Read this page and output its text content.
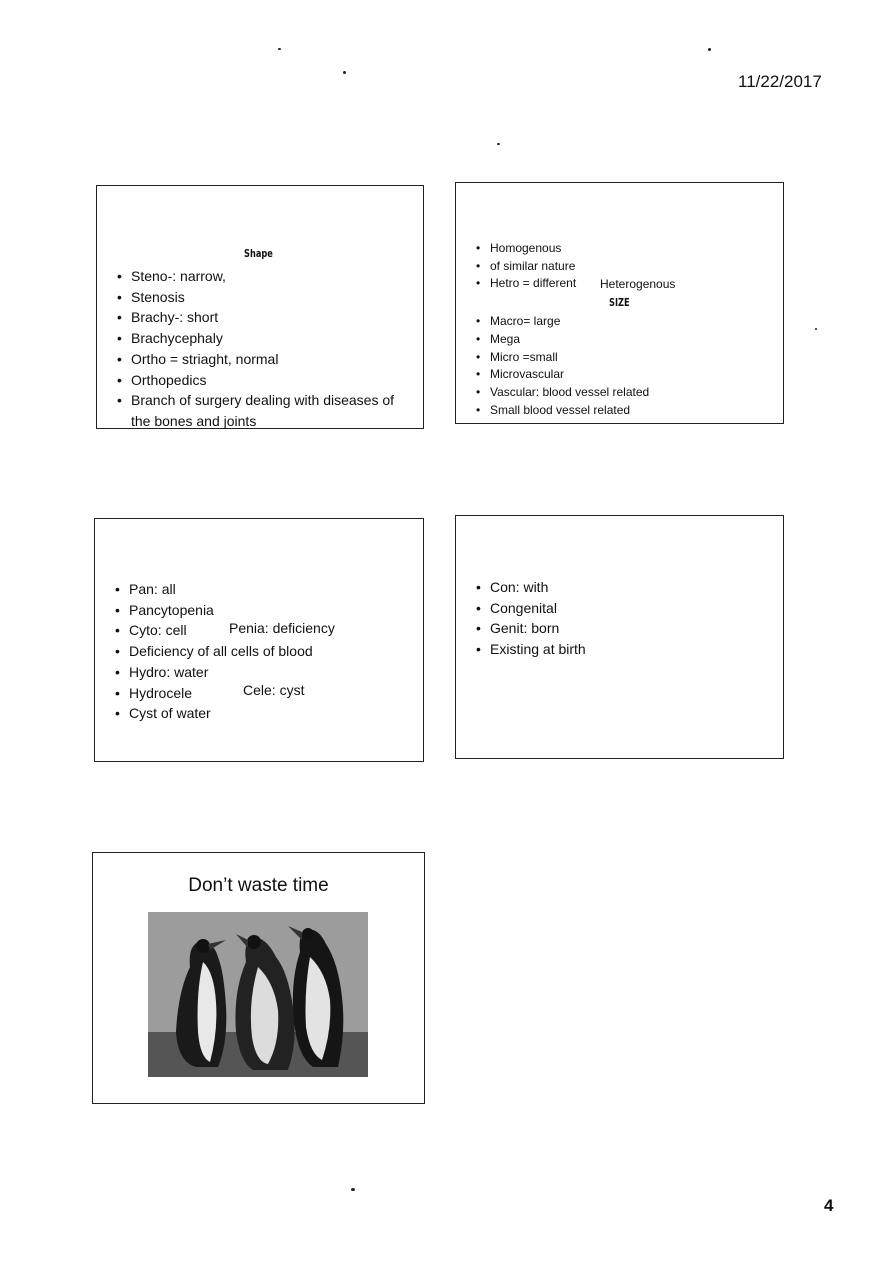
11/22/2017
Shape
• Steno-: narrow,
• Stenosis
• Brachy-: short
• Brachycephaly
• Ortho = striaght, normal
• Orthopedics
• Branch of surgery dealing with diseases of the bones and joints
• Homogenous
• of similar nature
• Hetro = different	Heterogenous
SIZE
• Macro= large
• Mega
• Micro =small
• Microvascular
• Vascular: blood vessel related
• Small blood vessel related
• Pan: all
• Pancytopenia
• Cyto: cell
• Deficiency of all cells of blood
• Hydro: water
• Hydrocele
• Cyst of water
Penia: deficiency
Cele: cyst
• Con: with
• Congenital
• Genit: born
• Existing at birth
Don’t waste time
4
